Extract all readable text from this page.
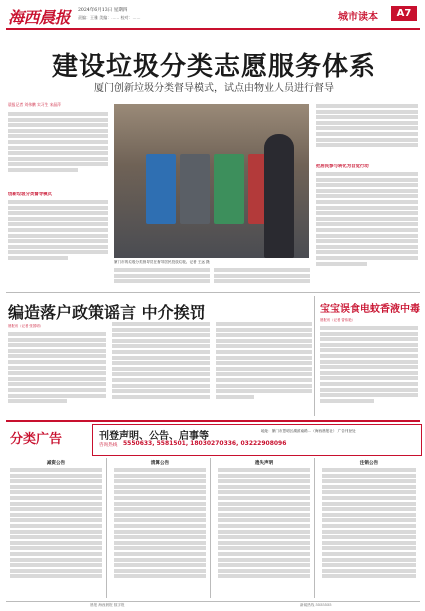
海西晨报 2024年6月13日 星期四
责编：王雅 美编：…… 校对：……	城市读本	A7
建设垃圾分类志愿服务体系
厦门创新垃圾分类督导模式，试点由物业人员进行督导
晨报记者 刘伟鹏 实习生 宋晶萍
创新垃圾分类督导模式
厦门市的垃圾分类督导员在督导居民投放垃圾。记者 王远 摄
把居民参与转化为自觉行动
编造落户政策谣言 中介挨罚
晨报讯（记者 张国明）
宝宝误食电蚊香液中毒
晨报讯（记者 曾伟艳）
分类广告	刊登声明、公告、启事等
咨询热线 5550633, 5581501, 18030270336, 03222908096
地址：厦门市思明区湖滨南路…（海西晨报社） 广告刊登处
减资公告	清算公告	遗失声明	注销公告
晨报 海西晨报 数字报	新闻热线 5555555
